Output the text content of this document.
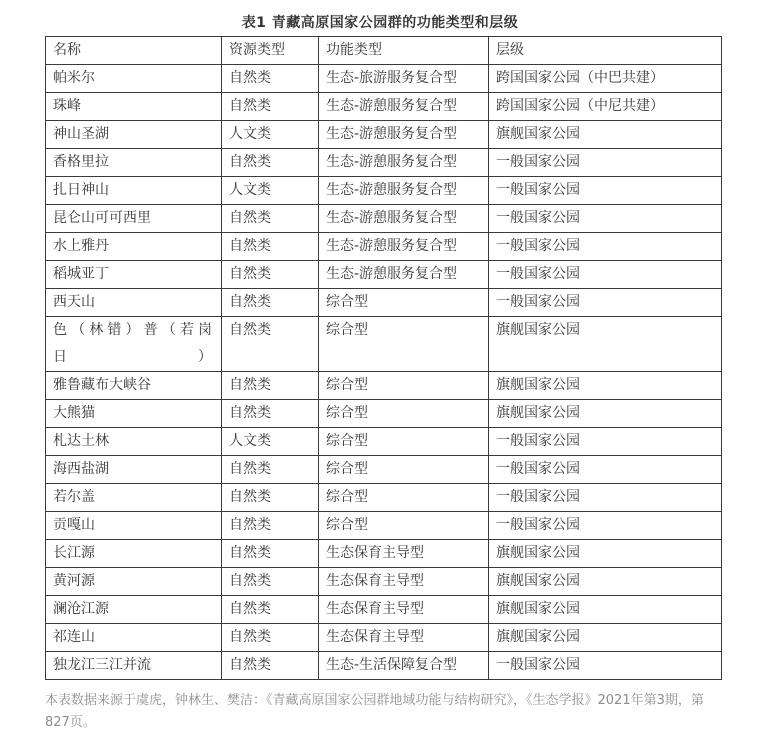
表1 青藏高原国家公园群的功能类型和层级
名称	资源类型	功能类型	层级
帕米尔	自然类	生态-旅游服务复合型	跨国国家公园（中巴共建）
珠峰	自然类	生态-游憩服务复合型	跨国国家公园（中尼共建）
神山圣湖	人文类	生态-游憩服务复合型	旗舰国家公园
香格里拉	自然类	生态-游憩服务复合型	一般国家公园
扎日神山	人文类	生态-游憩服务复合型	一般国家公园
昆仑山可可西里	自然类	生态-游憩服务复合型	一般国家公园
水上雅丹	自然类	生态-游憩服务复合型	一般国家公园
稻城亚丁	自然类	生态-游憩服务复合型	一般国家公园
西天山	自然类	综合型	一般国家公园
色（林错）普（若岗日）	自然类	综合型	旗舰国家公园
雅鲁藏布大峡谷	自然类	综合型	旗舰国家公园
大熊猫	自然类	综合型	旗舰国家公园
札达土林	人文类	综合型	一般国家公园
海西盐湖	自然类	综合型	一般国家公园
若尔盖	自然类	综合型	一般国家公园
贡嘎山	自然类	综合型	一般国家公园
长江源	自然类	生态保育主导型	旗舰国家公园
黄河源	自然类	生态保育主导型	旗舰国家公园
澜沧江源	自然类	生态保育主导型	旗舰国家公园
祁连山	自然类	生态保育主导型	旗舰国家公园
独龙江三江并流	自然类	生态-生活保障复合型	一般国家公园
本表数据来源于虞虎，钟林生、樊洁：《青藏高原国家公园群地域功能与结构研究》，《生态学报》2021年第3期，第827页。
